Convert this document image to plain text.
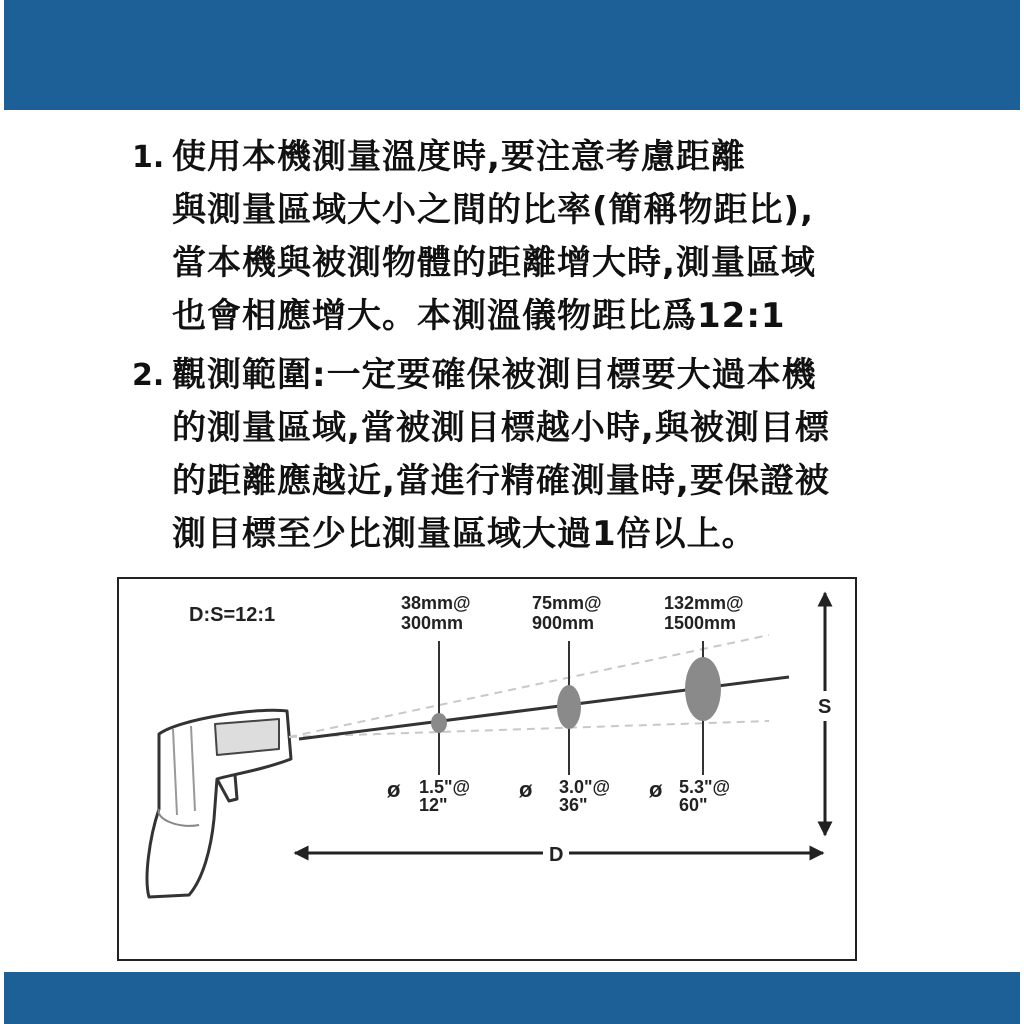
1. 使用本機測量溫度時,要注意考慮距離
與測量區域大小之間的比率(簡稱物距比),
當本機與被測物體的距離增大時,測量區域
也會相應增大。本測溫儀物距比爲12:1
2. 觀測範圍:一定要確保被測目標要大過本機
的測量區域,當被測目標越小時,與被測目標
的距離應越近,當進行精確測量時,要保證被
測目標至少比測量區域大過1倍以上。
D:S=12:1
38mm@
300mm
75mm@
900mm
132mm@
1500mm
ø 1.5"@
12"
ø 3.0"@
36"
ø 5.3"@
60"
S
D
